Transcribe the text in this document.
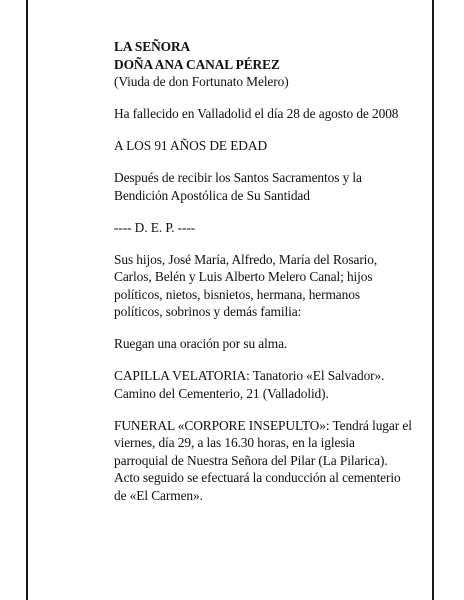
LA SEÑORA

DOÑA ANA CANAL PÉREZ

(Viuda de don Fortunato Melero)

Ha fallecido en Valladolid el día 28 de agosto de 2008

A LOS 91 AÑOS DE EDAD

Después de recibir los Santos Sacramentos y la

Bendición Apostólica de Su Santidad

---- D. E. P. ----

Sus hijos, José María, Alfredo, María del Rosario,

Carlos, Belén y Luis Alberto Melero Canal; hijos

políticos, nietos, bisnietos, hermana, hermanos

políticos, sobrinos y demás familia:

Ruegan una oración por su alma.

CAPILLA VELATORIA: Tanatorio «El Salvador».

Camino del Cementerio, 21 (Valladolid).

FUNERAL «CORPORE INSEPULTO»: Tendrá lugar el

viernes, día 29, a las 16.30 horas, en la iglesia

parroquial de Nuestra Señora del Pilar (La Pilarica).

Acto seguido se efectuará la conducción al cementerio

de «El Carmen».
